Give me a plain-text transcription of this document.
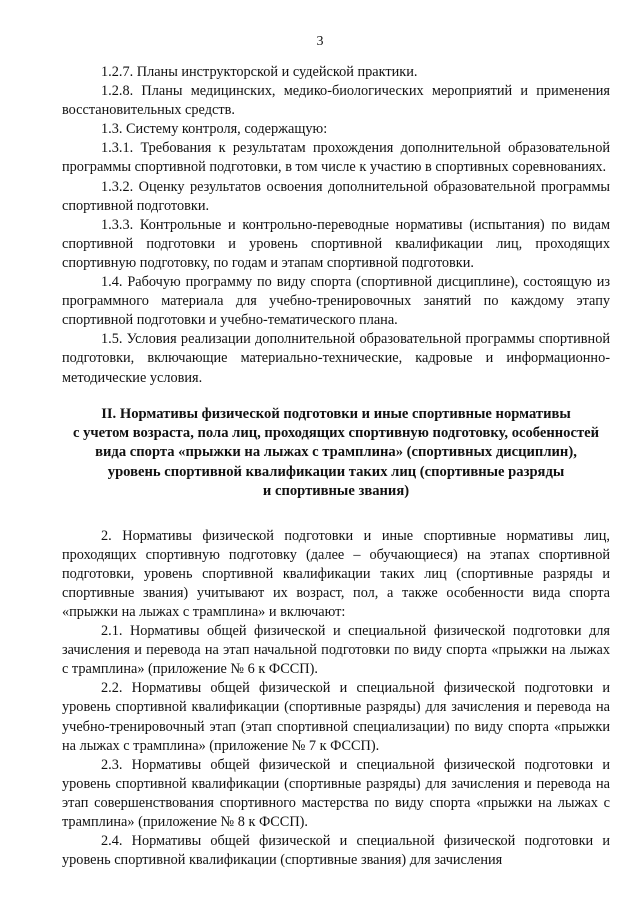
3

1.2.7. Планы инструкторской и судейской практики.

1.2.8. Планы медицинских, медико-биологических мероприятий и применения восстановительных средств.

1.3. Систему контроля, содержащую:

1.3.1. Требования к результатам прохождения дополнительной образовательной программы спортивной подготовки, в том числе к участию в спортивных соревнованиях.

1.3.2. Оценку результатов освоения дополнительной образовательной программы спортивной подготовки.

1.3.3. Контрольные и контрольно-переводные нормативы (испытания) по видам спортивной подготовки и уровень спортивной квалификации лиц, проходящих спортивную подготовку, по годам и этапам спортивной подготовки.

1.4. Рабочую программу по виду спорта (спортивной дисциплине), состоящую из программного материала для учебно-тренировочных занятий по каждому этапу спортивной подготовки и учебно-тематического плана.

1.5. Условия реализации дополнительной образовательной программы спортивной подготовки, включающие материально-технические, кадровые и информационно-методические условия.

II. Нормативы физической подготовки и иные спортивные нормативы
с учетом возраста, пола лиц, проходящих спортивную подготовку, особенностей
вида спорта «прыжки на лыжах с трамплина» (спортивных дисциплин),
уровень спортивной квалификации таких лиц (спортивные разряды
и спортивные звания)

2. Нормативы физической подготовки и иные спортивные нормативы лиц, проходящих спортивную подготовку (далее – обучающиеся) на этапах спортивной подготовки, уровень спортивной квалификации таких лиц (спортивные разряды и спортивные звания) учитывают их возраст, пол, а также особенности вида спорта «прыжки на лыжах с трамплина» и включают:

2.1. Нормативы общей физической и специальной физической подготовки для зачисления и перевода на этап начальной подготовки по виду спорта «прыжки на лыжах с трамплина» (приложение № 6 к ФССП).

2.2. Нормативы общей физической и специальной физической подготовки и уровень спортивной квалификации (спортивные разряды) для зачисления и перевода на учебно-тренировочный этап (этап спортивной специализации) по виду спорта «прыжки на лыжах с трамплина» (приложение № 7 к ФССП).

2.3. Нормативы общей физической и специальной физической подготовки и уровень спортивной квалификации (спортивные разряды) для зачисления и перевода на этап совершенствования спортивного мастерства по виду спорта «прыжки на лыжах с трамплина» (приложение № 8 к ФССП).

2.4. Нормативы общей физической и специальной физической подготовки и уровень спортивной квалификации (спортивные звания) для зачисления
